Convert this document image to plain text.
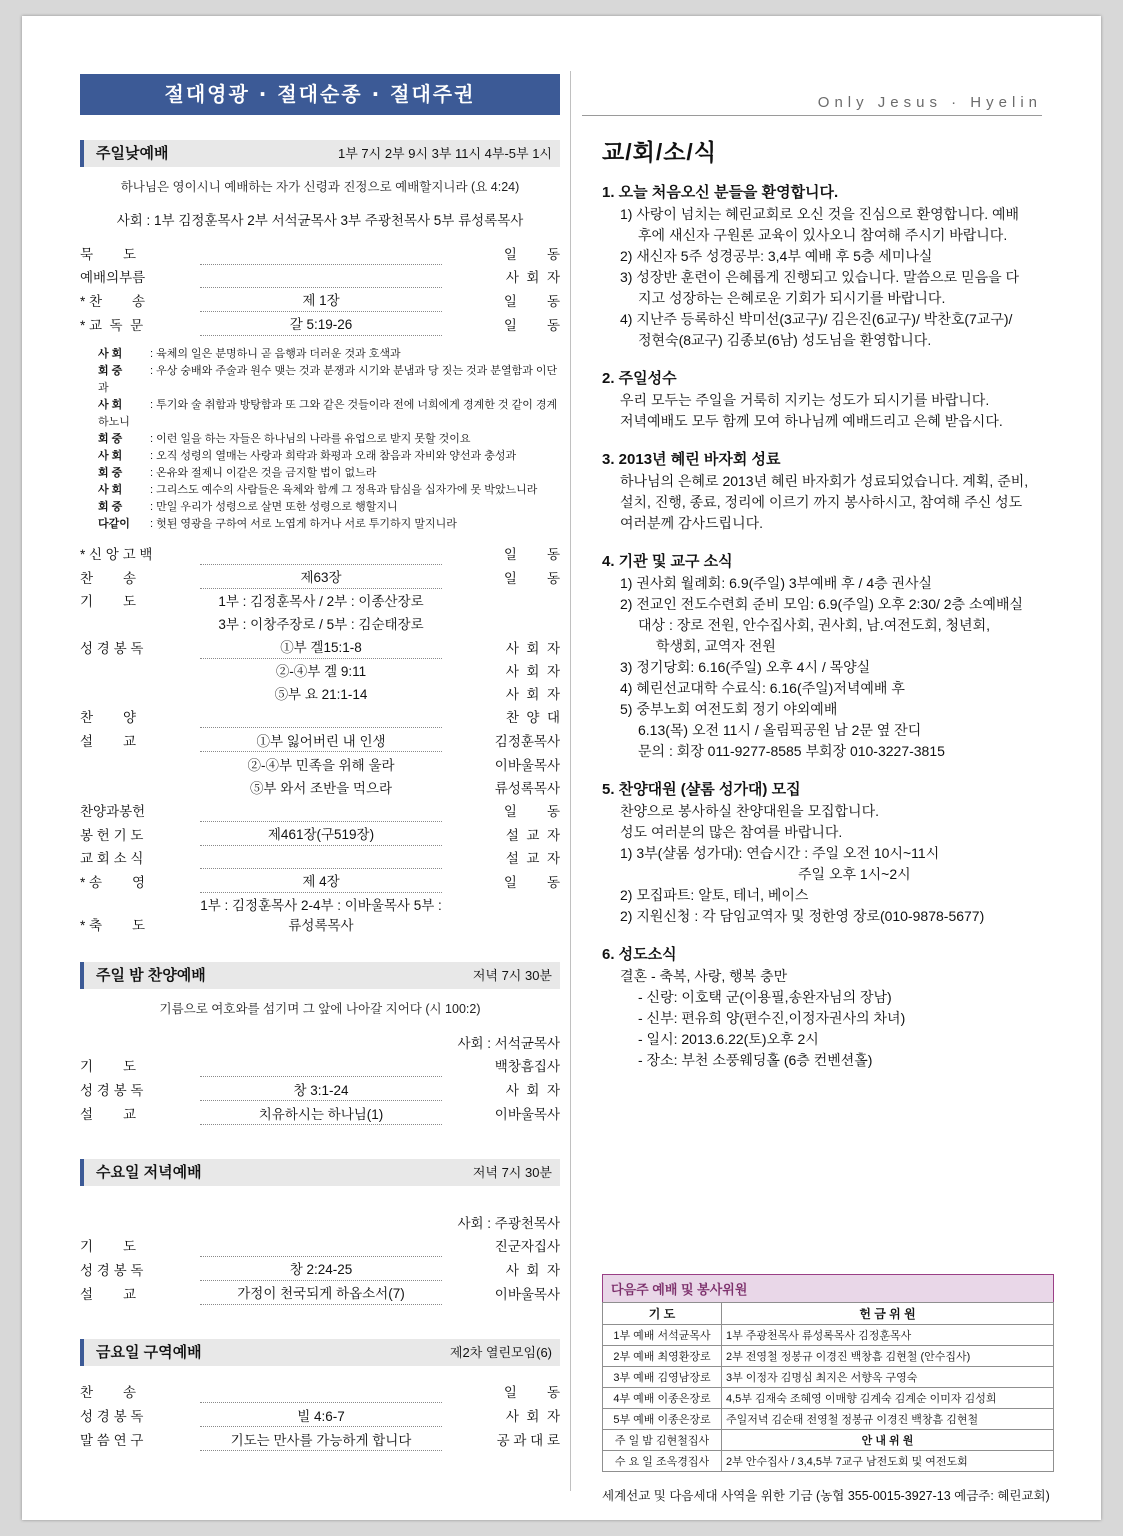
절대영광 · 절대순종 · 절대주권	Only Jesus · Hyelin
주일낮예배	1부 7시 2부 9시 3부 11시 4부-5부 1시
하나님은 영이시니 예배하는 자가 신령과 진정으로 예배할지니라 (요 4:24)
사회 : 1부 김정훈목사 2부 서석균목사 3부 주광천목사 5부 류성록목사
묵        도		일        동
예배의부름		사  회  자
* 찬        송	제 1장	일        동
* 교  독  문	갈 5:19-26	일        동
사 회	: 육체의 일은 분명하니 곧 음행과 더러운 것과 호색과
회 중	: 우상 숭배와 주술과 원수 맺는 것과 분쟁과 시기와 분냄과 당 짓는 것과 분열함과 이단과
사 회	: 투기와 술 취함과 방탕함과 또 그와 같은 것들이라 전에 너희에게 경계한 것 같이 경계하노니
회 중	: 이런 일을 하는 자들은 하나님의 나라를 유업으로 받지 못할 것이요
사 회	: 오직 성령의 열매는 사랑과 희락과 화평과 오래 참음과 자비와 양선과 충성과
회 중	: 온유와 절제니 이같은 것을 금지할 법이 없느라
사 회	: 그리스도 예수의 사람들은 육체와 함께 그 정욕과 탐심을 십자가에 못 박았느니라
회 중	: 만일 우리가 성령으로 살면 또한 성령으로 행할지니
다같이 : 헛된 영광을 구하여 서로 노엽게 하거나 서로 투기하지 말지니라
* 신 앙 고 백		일        동
찬        송	제63장	일        동
기        도	1부 : 김정훈목사 / 2부 : 이종산장로	
	3부 : 이창주장로 / 5부 : 김순태장로	
성 경 봉 독	①부 겔15:1-8	사  회  자
	②-④부 겔 9:11	사  회  자
	⑤부 요 21:1-14	사  회  자
찬        양		찬  양  대
설        교	①부 잃어버린 내 인생	김정훈목사
	②-④부 민족을 위해 울라	이바울목사
	⑤부 와서 조반을 먹으라	류성록목사
찬양과봉헌		일        동
봉 헌 기 도	제461장(구519장)	설  교  자
교 회 소 식		설  교  자
* 송        영	제 4장	일        동
* 축        도	1부 : 김정훈목사 2-4부 : 이바울목사 5부 : 류성록목사	
주일 밤 찬양예배	저녁 7시 30분
기름으로 여호와를 섬기며 그 앞에 나아갈 지어다 (시 100:2)
		사회 : 서석균목사
기        도		백창흠집사
성 경 봉 독	창 3:1-24	사  회  자
설        교	치유하시는 하나님(1)	이바울목사
수요일 저녁예배	저녁 7시 30분
		사회 : 주광천목사
기        도		진군자집사
성 경 봉 독	창 2:24-25	사  회  자
설        교	가정이 천국되게 하옵소서(7)	이바울목사
금요일 구역예배	제2차 열린모임(6)
찬        송		일        동
성 경 봉 독	빌 4:6-7	사  회  자
말 씀 연 구	기도는 만사를 가능하게 합니다	공 과 대 로
교/회/소/식
1. 오늘 처음오신 분들을 환영합니다.
1) 사랑이 넘치는 혜린교회로 오신 것을 진심으로 환영합니다. 예배
후에 새신자 구원론 교육이 있사오니 참여해 주시기 바랍니다.
2) 새신자 5주 성경공부: 3,4부 예배 후 5층 세미나실
3) 성장반 훈련이 은혜롭게 진행되고 있습니다. 말씀으로 믿음을 다
지고 성장하는 은혜로운 기회가 되시기를 바랍니다.
4) 지난주 등록하신 박미선(3교구)/ 김은진(6교구)/ 박찬호(7교구)/
정현숙(8교구) 김종보(6남) 성도님을 환영합니다.
2. 주일성수
우리 모두는 주일을 거룩히 지키는 성도가 되시기를 바랍니다.
저녁예배도 모두 함께 모여 하나님께 예배드리고 은혜 받읍시다.
3. 2013년 혜린 바자회 성료
하나님의 은혜로 2013년 혜린 바자회가 성료되었습니다. 계획, 준비,
설치, 진행, 종료, 정리에 이르기 까지 봉사하시고, 참여해 주신 성도
여러분께 감사드립니다.
4. 기관 및 교구 소식
1) 권사회 월례회: 6.9(주일) 3부예배 후 / 4층 권사실
2) 전교인 전도수련회 준비 모임: 6.9(주일) 오후 2:30/ 2층 소예배실
대상 : 장로 전원, 안수집사회, 권사회, 남.여전도회, 청년회,
학생회, 교역자 전원
3) 정기당회: 6.16(주일) 오후 4시 / 목양실
4) 혜린선교대학 수료식: 6.16(주일)저녁예배 후
5) 중부노회 여전도회 정기 야외예배
6.13(목) 오전 11시 / 올림픽공원 남 2문 옆 잔디
문의 : 회장 011-9277-8585 부회장 010-3227-3815
5. 찬양대원 (샬롬 성가대) 모집
찬양으로 봉사하실 찬양대원을 모집합니다.
성도 여러분의 많은 참여를 바랍니다.
1) 3부(샬롬 성가대): 연습시간 : 주일 오전 10시~11시
주일 오후 1시~2시
2) 모집파트: 알토, 테너, 베이스
2) 지원신청 : 각 담임교역자 및 정한영 장로(010-9878-5677)
6. 성도소식
결혼 - 축복, 사랑, 행복 충만
- 신랑: 이호택 군(이용필,송완자님의 장남)
- 신부: 편유희 양(편수진,이정자권사의 차녀)
- 일시: 2013.6.22(토)오후 2시
- 장소: 부천 소풍웨딩홀 (6층 컨벤션홀)
다음주 예배 및 봉사위원
기 도	헌 금 위 원
1부 예배 서석균목사	1부 주광천목사 류성록목사 김정훈목사
2부 예배 최영환장로	2부 전영철 정봉규 이경진 백창흠 김현철 (안수집사)
3부 예배 김영남장로	3부 이정자 김명심 최지은 서향옥 구영숙
4부 예배 이종은장로	4,5부 김재숙 조혜영 이매향 김계숙 김계순 이미자 김성희
5부 예배 이종은장로	주일저녁 김순태 전영철 정봉규 이경진 백창흠 김현철
주 일 밤 김현철집사	안 내 위 원
수 요 일 조옥경집사	2부 안수집사 / 3,4,5부 7교구 남전도회 및 여전도회
세계선교 및 다음세대 사역을 위한 기금 (농협 355-0015-3927-13 예금주: 혜린교회)
